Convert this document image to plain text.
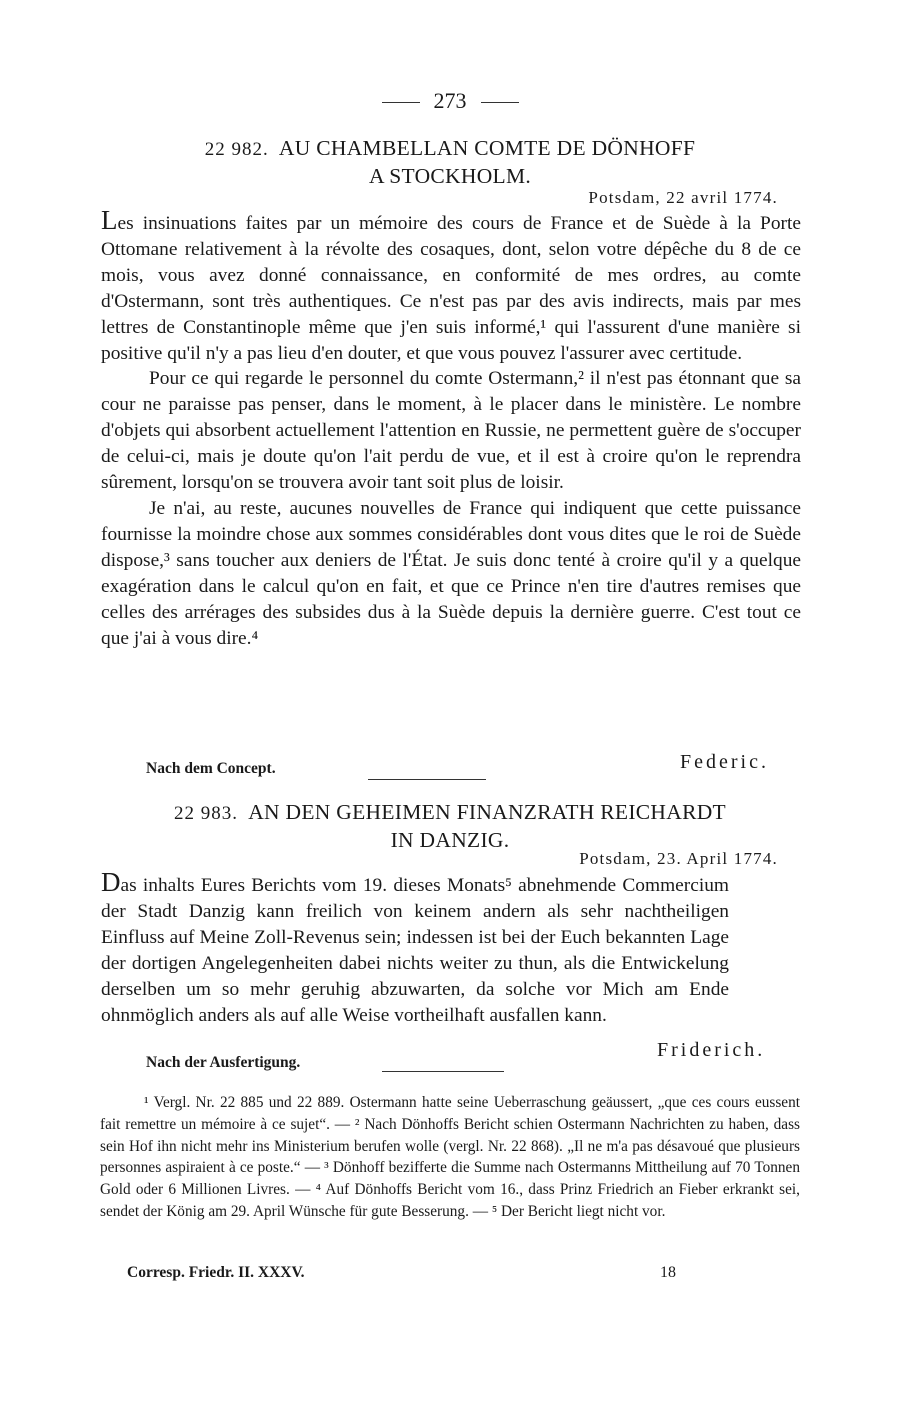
273
22 982. AU CHAMBELLAN COMTE DE DÖNHOFF
A STOCKHOLM.
Potsdam, 22 avril 1774.

Les insinuations faites par un mémoire des cours de France et de Suède à la Porte Ottomane relativement à la révolte des cosaques, dont, selon votre dépêche du 8 de ce mois, vous avez donné connaissance, en conformité de mes ordres, au comte d'Ostermann, sont très authentiques. Ce n'est pas par des avis indirects, mais par mes lettres de Constantinople même que j'en suis informé,¹ qui l'assurent d'une manière si positive qu'il n'y a pas lieu d'en douter, et que vous pouvez l'assurer avec certitude.

Pour ce qui regarde le personnel du comte Ostermann,² il n'est pas étonnant que sa cour ne paraisse pas penser, dans le moment, à le placer dans le ministère. Le nombre d'objets qui absorbent actuellement l'attention en Russie, ne permettent guère de s'occuper de celui-ci, mais je doute qu'on l'ait perdu de vue, et il est à croire qu'on le reprendra sûrement, lorsqu'on se trouvera avoir tant soit plus de loisir.

Je n'ai, au reste, aucunes nouvelles de France qui indiquent que cette puissance fournisse la moindre chose aux sommes considérables dont vous dites que le roi de Suède dispose,³ sans toucher aux deniers de l'État. Je suis donc tenté à croire qu'il y a quelque exagération dans le calcul qu'on en fait, et que ce Prince n'en tire d'autres remises que celles des arrérages des subsides dus à la Suède depuis la dernière guerre. C'est tout ce que j'ai à vous dire.⁴

Nach dem Concept.	Federic.
22 983. AN DEN GEHEIMEN FINANZRATH REICHARDT
IN DANZIG.
Potsdam, 23. April 1774.

Das inhalts Eures Berichts vom 19. dieses Monats⁵ abnehmende Commercium der Stadt Danzig kann freilich von keinem andern als sehr nachtheiligen Einfluss auf Meine Zoll-Revenus sein; indessen ist bei der Euch bekannten Lage der dortigen Angelegenheiten dabei nichts weiter zu thun, als die Entwickelung derselben um so mehr geruhig abzuwarten, da solche vor Mich am Ende ohnmöglich anders als auf alle Weise vortheilhaft ausfallen kann.

Nach der Ausfertigung.
Friderich.

¹ Vergl. Nr. 22 885 und 22 889. Ostermann hatte seine Ueberraschung geäussert, „que ces cours eussent fait remettre un mémoire à ce sujet“. — ² Nach Dönhoffs Bericht schien Ostermann Nachrichten zu haben, dass sein Hof ihn nicht mehr ins Ministerium berufen wolle (vergl. Nr. 22 868). „Il ne m'a pas désavoué que plusieurs personnes aspiraient à ce poste.“ — ³ Dönhoff bezifferte die Summe nach Ostermanns Mittheilung auf 70 Tonnen Gold oder 6 Millionen Livres. — ⁴ Auf Dönhoffs Bericht vom 16., dass Prinz Friedrich an Fieber erkrankt sei, sendet der König am 29. April Wünsche für gute Besserung. — ⁵ Der Bericht liegt nicht vor.

Corresp. Friedr. II. XXXV.	18
